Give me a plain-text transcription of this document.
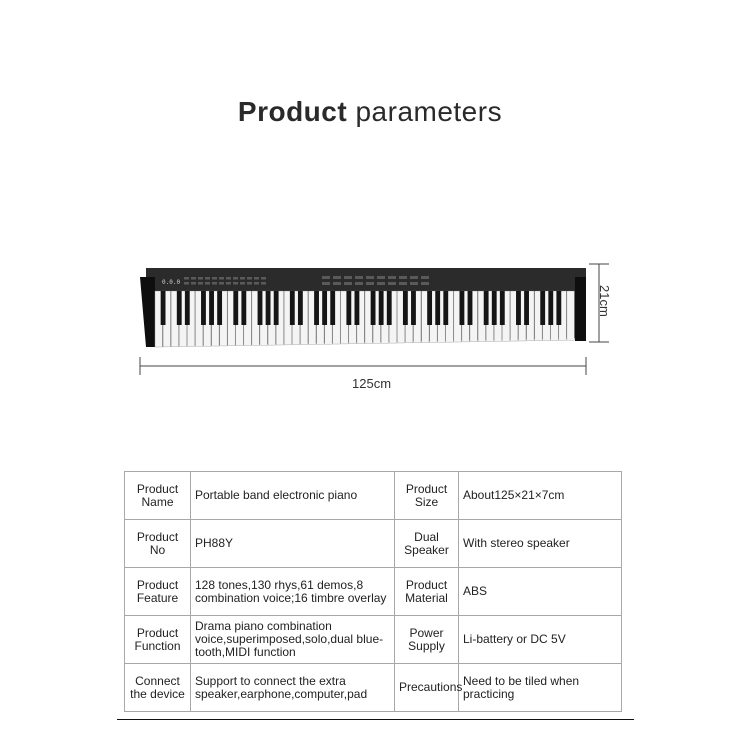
Product parameters
0.0.0
125cm
21cm
Product Name	Portable band electronic piano	Product Size	About125×21×7cm
Product No	PH88Y	Dual Speaker	With stereo speaker
Product Feature	128 tones,130 rhys,61 demos,8 combination voice;16 timbre overlay	Product Material	ABS
Product Function	Drama piano combination voice,superimposed,solo,dual blue-tooth,MIDI function	Power Supply	Li-battery or DC 5V
Connect the device	Support to connect the extra speaker,earphone,computer,pad	Precautions	Need to be tiled when practicing
